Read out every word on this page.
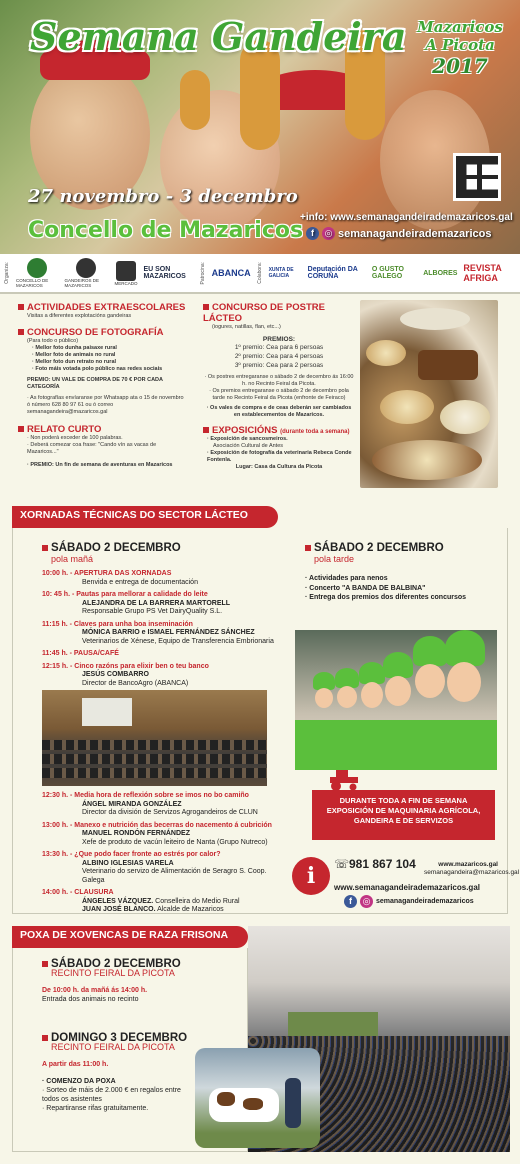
Semana Gandeira Mazaricos
A Picota
2017
27 novembro - 3 decembro
Concello de Mazaricos
+info: www.semanagandeirademazaricos.gal
f	◎ semanagandeirademazaricos
Organiza: CONCELLO DE MAZARICOS
GANDEIROS DE MAZARICOS	MERCADO
EU SON MAZARICOS	Patrocina: ABANCA Colabora: XUNTA DE GALICIA
Deputación DA CORUÑA
O GUSTO GALEGO	ALBORES REVISTA AFRIGA
ACTIVIDADES EXTRAESCOLARES
Visitas a diferentes explotacións gandeiras
CONCURSO DE FOTOGRAFÍA
(Para todo o público)
· Mellor foto dunha paisaxe rural
· Mellor foto de animais no rural
· Mellor foto dun retrato no rural
· Foto máis votada polo público nas redes sociais
PREMIO: UN VALE DE COMPRA DE 70 € POR CADA CATEGORÍA
· As fotografías envíaranse por Whatsapp ata o 15 de novembro ó número 628 80 97 61 ou ó correo semanagandeira@mazaricos.gal
RELATO CURTO
· Non poderá exceder de 100 palabras.
· Deberá comezar coa frase: "Cando vín as vacas de Mazaricos..."
· PREMIO: Un fin de semana de aventuras en Mazaricos
CONCURSO DE POSTRE LÁCTEO
(iogures, natillas, flan, etc...)
PREMIOS:
1º premio: Cea para 6 persoas
2º premio: Cea para 4 persoas
3º premio: Cea para 2 persoas
· Os postres entregaranse o sábado 2 de decembro ás 16:00 h. no Recinto Feiral da Picota.
· Os premios entregaranse o sábado 2 de decembro pola tarde no Recinto Feiral da Picota (enfronte de Feiraco)
· Os vales de compra e de ceas deberán ser cambiados en establecementos de Mazaricos.
EXPOSICIÓNS (durante toda a semana)
· Exposición de sancosmeiros.
Asociación Cultural de Antes
· Exposición de fotografía da veterinaria Rebeca Conde Fontenla.
Lugar: Casa da Cultura da Picota
XORNADAS TÉCNICAS DO SECTOR LÁCTEO
SÁBADO 2 DECEMBRO
pola mañá
10:00 h. - APERTURA DAS XORNADAS
Benvida e entrega de documentación
10: 45 h. - Pautas para mellorar a calidade do leite
ALEJANDRA DE LA BARRERA MARTORELL
Responsable Grupo PS Vet DairyQuality S.L.
11:15 h. - Claves para unha boa inseminación
MÓNICA BARRIO e ISMAEL FERNÁNDEZ SÁNCHEZ
Veterinarios de Xénese, Equipo de Transferencia Embrionaria
11:45 h. - PAUSA/CAFÉ
12:15 h. - Cinco razóns para elixir ben o teu banco
JESÚS COMBARRO
Director de BancoAgro (ABANCA)
12:30 h. - Media hora de reflexión sobre se imos no bo camiño
ÁNGEL MIRANDA GONZÁLEZ
Director da división de Servizos Agrogandeiros de CLUN
13:00 h. - Manexo e nutrición das becerras do nacemento á cubrición
MANUEL RONDÓN FERNÁNDEZ
Xefe de produto de vacún leiteiro de Nanta (Grupo Nutreco)
13:30 h. - ¿Que podo facer fronte ao estrés por calor?
ALBINO IGLESIAS VARELA
Veterinario do servizo de Alimentación de Seragro S. Coop. Galega
14:00 h. - CLAUSURA
ÁNGELES VÁZQUEZ. Conselleira do Medio Rural
JUAN JOSÉ BLANCO. Alcalde de Mazaricos
SÁBADO 2 DECEMBRO
pola tarde
· Actividades para nenos
· Concerto "A BANDA DE BALBINA"
· Entrega dos premios dos diferentes concursos
DURANTE TODA A FIN DE SEMANA EXPOSICIÓN DE MAQUINARIA AGRÍCOLA, GANDEIRA E DE SERVIZOS
i	☏981 867 104	www.mazaricos.gal
semanagandeira@mazaricos.gal
www.semanagandeirademazaricos.gal
f	◎ semanagandeirademazaricos
POXA DE XOVENCAS DE RAZA FRISONA
SÁBADO 2 DECEMBRO
RECINTO FEIRAL DA PICOTA
De 10:00 h. da mañá ás 14:00 h.
Entrada dos animais no recinto
DOMINGO 3 DECEMBRO
RECINTO FEIRAL DA PICOTA
A partir das 11:00 h.
· COMENZO DA POXA
· Sorteo de máis de 2.000 € en regalos entre todos os asistentes
· Repartiranse rifas gratuitamente.
